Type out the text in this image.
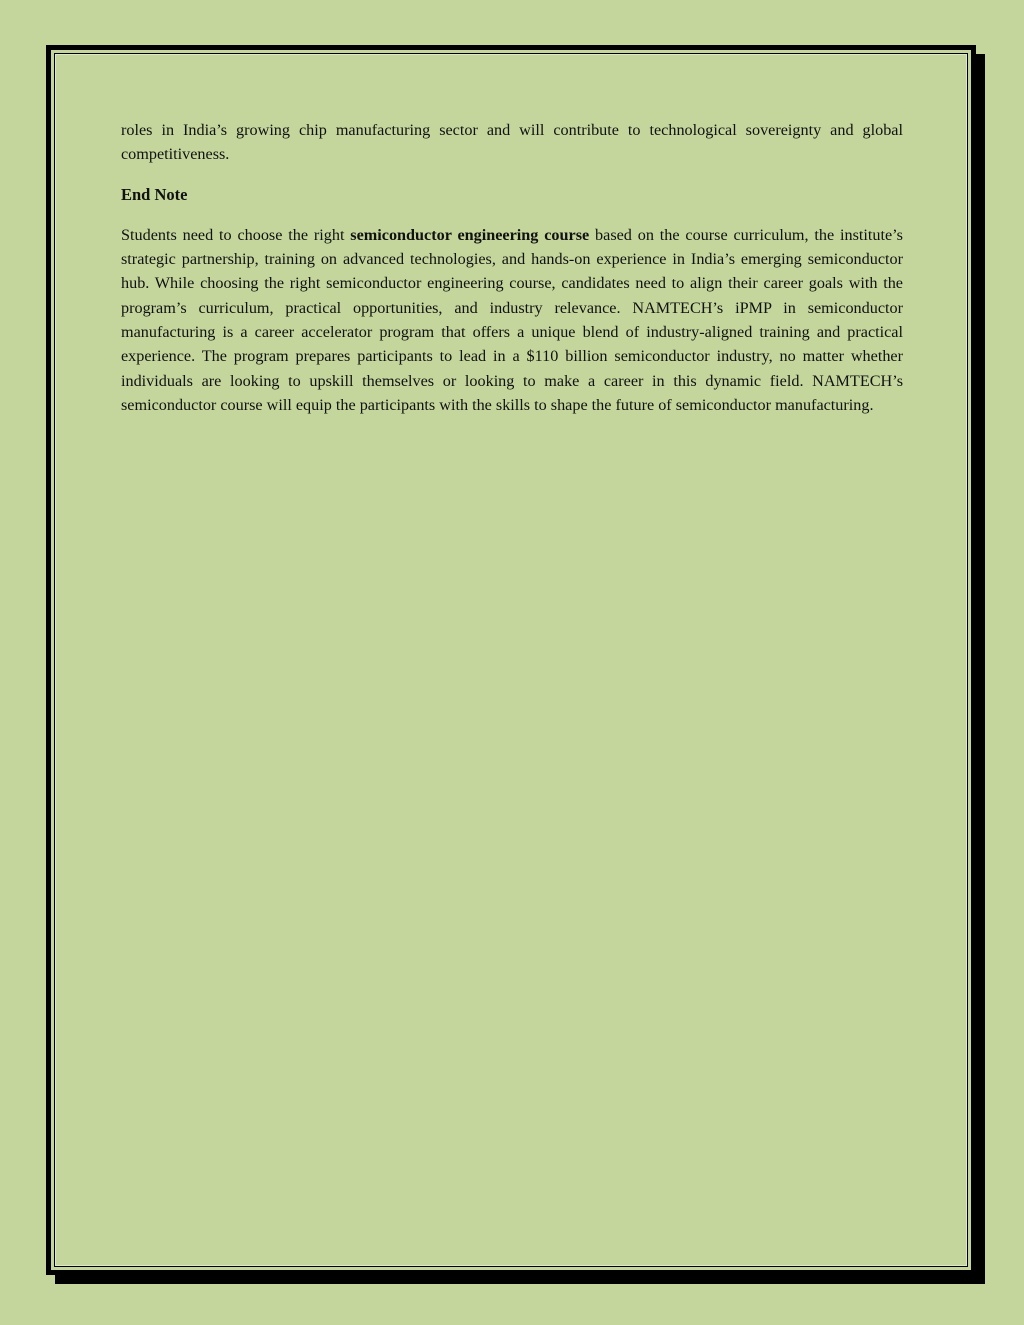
roles in India’s growing chip manufacturing sector and will contribute to technological sovereignty and global competitiveness.

End Note

Students need to choose the right semiconductor engineering course based on the course curriculum, the institute’s strategic partnership, training on advanced technologies, and hands-on experience in India’s emerging semiconductor hub. While choosing the right semiconductor engineering course, candidates need to align their career goals with the program’s curriculum, practical opportunities, and industry relevance. NAMTECH’s iPMP in semiconductor manufacturing is a career accelerator program that offers a unique blend of industry-aligned training and practical experience. The program prepares participants to lead in a $110 billion semiconductor industry, no matter whether individuals are looking to upskill themselves or looking to make a career in this dynamic field. NAMTECH’s semiconductor course will equip the participants with the skills to shape the future of semiconductor manufacturing.
